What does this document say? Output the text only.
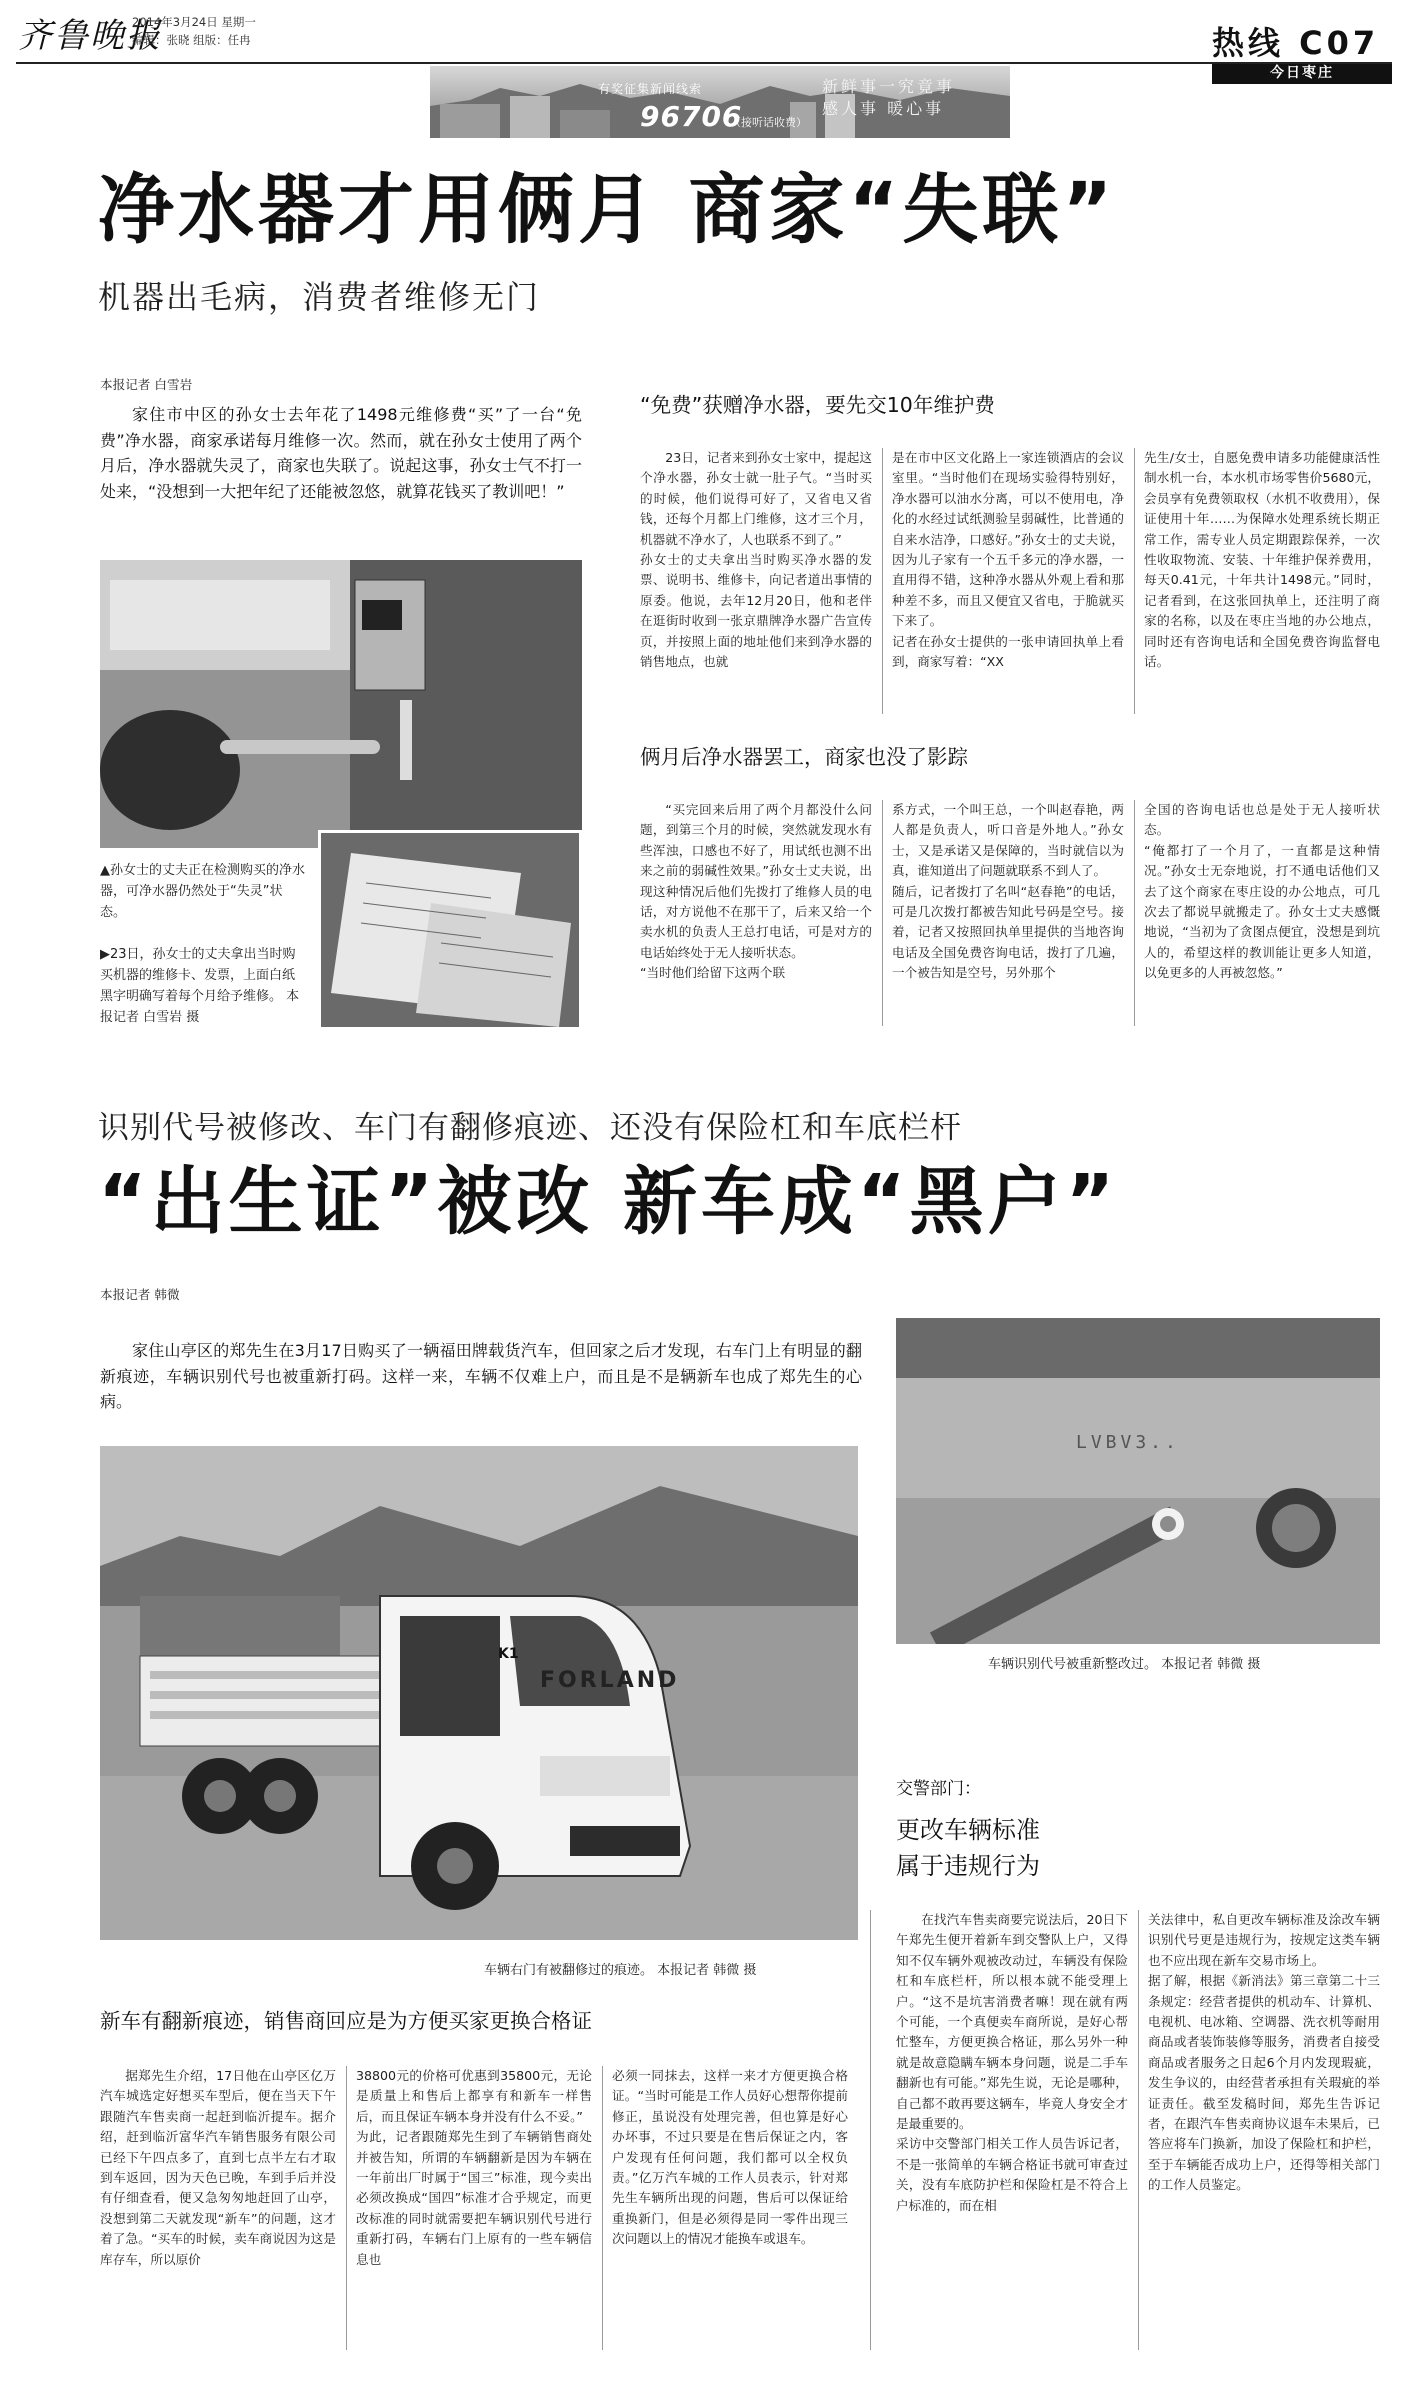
齐鲁晚报
2014年3月24日 星期一
编辑：张晓 组版：任冉
有奖征集新闻线索
96706
（接听话收费）
新鲜事一究竟事 感人事 暖心事
热线 C07
今日枣庄
净水器才用俩月 商家“失联”
机器出毛病，消费者维修无门
本报记者 白雪岩

家住市中区的孙女士去年花了1498元维修费“买”了一台“免费”净水器，商家承诺每月维修一次。然而，就在孙女士使用了两个月后，净水器就失灵了，商家也失联了。说起这事，孙女士气不打一处来，“没想到一大把年纪了还能被忽悠，就算花钱买了教训吧！”

▲孙女士的丈夫正在检测购买的净水器，可净水器仍然处于“失灵”状态。

▶23日，孙女士的丈夫拿出当时购买机器的维修卡、发票，上面白纸黑字明确写着每个月给予维修。 本报记者 白雪岩 摄

“免费”获赠净水器，要先交10年维护费

23日，记者来到孙女士家中，提起这个净水器，孙女士就一肚子气。“当时买的时候，他们说得可好了，又省电又省钱，还每个月都上门维修，这才三个月，机器就不净水了，人也联系不到了。”
孙女士的丈夫拿出当时购买净水器的发票、说明书、维修卡，向记者道出事情的原委。他说，去年12月20日，他和老伴在逛街时收到一张京鼎牌净水器广告宣传页，并按照上面的地址他们来到净水器的销售地点，也就

是在市中区文化路上一家连锁酒店的会议室里。“当时他们在现场实验得特别好，净水器可以油水分离，可以不使用电，净化的水经过试纸测验呈弱碱性，比普通的自来水洁净，口感好。”孙女士的丈夫说，因为儿子家有一个五千多元的净水器，一直用得不错，这种净水器从外观上看和那种差不多，而且又便宜又省电，于脆就买下来了。
记者在孙女士提供的一张申请回执单上看到，商家写着：“XX

先生/女士，自愿免费申请多功能健康活性制水机一台，本水机市场零售价5680元，会员享有免费领取权（水机不收费用），保证使用十年……为保障水处理系统长期正常工作，需专业人员定期跟踪保养，一次性收取物流、安装、十年维护保养费用，每天0.41元，十年共计1498元。”同时，记者看到，在这张回执单上，还注明了商家的名称，以及在枣庄当地的办公地点，同时还有咨询电话和全国免费咨询监督电话。

俩月后净水器罢工，商家也没了影踪

“买完回来后用了两个月都没什么问题，到第三个月的时候，突然就发现水有些浑浊，口感也不好了，用试纸也测不出来之前的弱碱性效果。”孙女士丈夫说，出现这种情况后他们先拨打了维修人员的电话，对方说他不在那干了，后来又给一个卖水机的负责人王总打电话，可是对方的电话始终处于无人接听状态。
“当时他们给留下这两个联

系方式，一个叫王总，一个叫赵春艳，两人都是负责人，听口音是外地人。”孙女士，又是承诺又是保障的，当时就信以为真，谁知道出了问题就联系不到人了。
随后，记者拨打了名叫“赵春艳”的电话，可是几次拨打都被告知此号码是空号。接着，记者又按照回执单里提供的当地咨询电话及全国免费咨询电话，拨打了几遍，一个被告知是空号，另外那个

全国的咨询电话也总是处于无人接听状态。
“俺都打了一个月了，一直都是这种情况。”孙女士无奈地说，打不通电话他们又去了这个商家在枣庄设的办公地点，可几次去了都说早就搬走了。孙女士丈夫感慨地说，“当初为了贪图点便宜，没想是到坑人的，希望这样的教训能让更多人知道，以免更多的人再被忽悠。”

识别代号被修改、车门有翻修痕迹、还没有保险杠和车底栏杆
“出生证”被改 新车成“黑户”
本报记者 韩微

家住山亭区的郑先生在3月17日购买了一辆福田牌载货汽车，但回家之后才发现，右车门上有明显的翻新痕迹，车辆识别代号也被重新打码。这样一来，车辆不仅难上户，而且是不是辆新车也成了郑先生的心病。

FORLAND
K1

车辆右门有被翻修过的痕迹。 本报记者 韩微 摄

LVBV3..

车辆识别代号被重新整改过。 本报记者 韩微 摄

交警部门：
更改车辆标准
属于违规行为
新车有翻新痕迹，销售商回应是为方便买家更换合格证

据郑先生介绍，17日他在山亭区亿万汽车城选定好想买车型后，便在当天下午跟随汽车售卖商一起赶到临沂提车。据介绍，赶到临沂富华汽车销售服务有限公司已经下午四点多了，直到七点半左右才取到车返回，因为天色已晚，车到手后并没有仔细查看，便又急匆匆地赶回了山亭，没想到第二天就发现“新车”的问题，这才着了急。“买车的时候，卖车商说因为这是库存车，所以原价

38800元的价格可优惠到35800元，无论是质量上和售后上都享有和新车一样售后，而且保证车辆本身并没有什么不妥。”
为此，记者跟随郑先生到了车辆销售商处并被告知，所谓的车辆翻新是因为车辆在一年前出厂时属于“国三”标准，现今卖出必须改换成“国四”标准才合乎规定，而更改标准的同时就需要把车辆识别代号进行重新打码，车辆右门上原有的一些车辆信息也

必须一同抹去，这样一来才方便更换合格证。“当时可能是工作人员好心想帮你提前修正，虽说没有处理完善，但也算是好心办坏事，不过只要是在售后保证之内，客户发现有任何问题，我们都可以全权负责。”亿万汽车城的工作人员表示，针对郑先生车辆所出现的问题，售后可以保证给重换新门，但是必须得是同一零件出现三次问题以上的情况才能换车或退车。

在找汽车售卖商要完说法后，20日下午郑先生便开着新车到交警队上户，又得知不仅车辆外观被改动过，车辆没有保险杠和车底栏杆，所以根本就不能受理上户。“这不是坑害消费者嘛！现在就有两个可能，一个真便卖车商所说，是好心帮忙整车，方便更换合格证，那么另外一种就是故意隐瞒车辆本身问题，说是二手车翻新也有可能。”郑先生说，无论是哪种，自己都不敢再要这辆车，毕竟人身安全才是最重要的。
采访中交警部门相关工作人员告诉记者，不是一张简单的车辆合格证书就可审查过关，没有车底防护栏和保险杠是不符合上户标准的，而在相

关法律中，私自更改车辆标准及涂改车辆识别代号更是违规行为，按规定这类车辆也不应出现在新车交易市场上。
据了解，根据《新消法》第三章第二十三条规定：经营者提供的机动车、计算机、电视机、电冰箱、空调器、洗衣机等耐用商品或者装饰装修等服务，消费者自接受商品或者服务之日起6个月内发现瑕疵，发生争议的，由经营者承担有关瑕疵的举证责任。截至发稿时间，郑先生告诉记者，在跟汽车售卖商协议退车未果后，已答应将车门换新，加设了保险杠和护栏，至于车辆能否成功上户，还得等相关部门的工作人员鉴定。
